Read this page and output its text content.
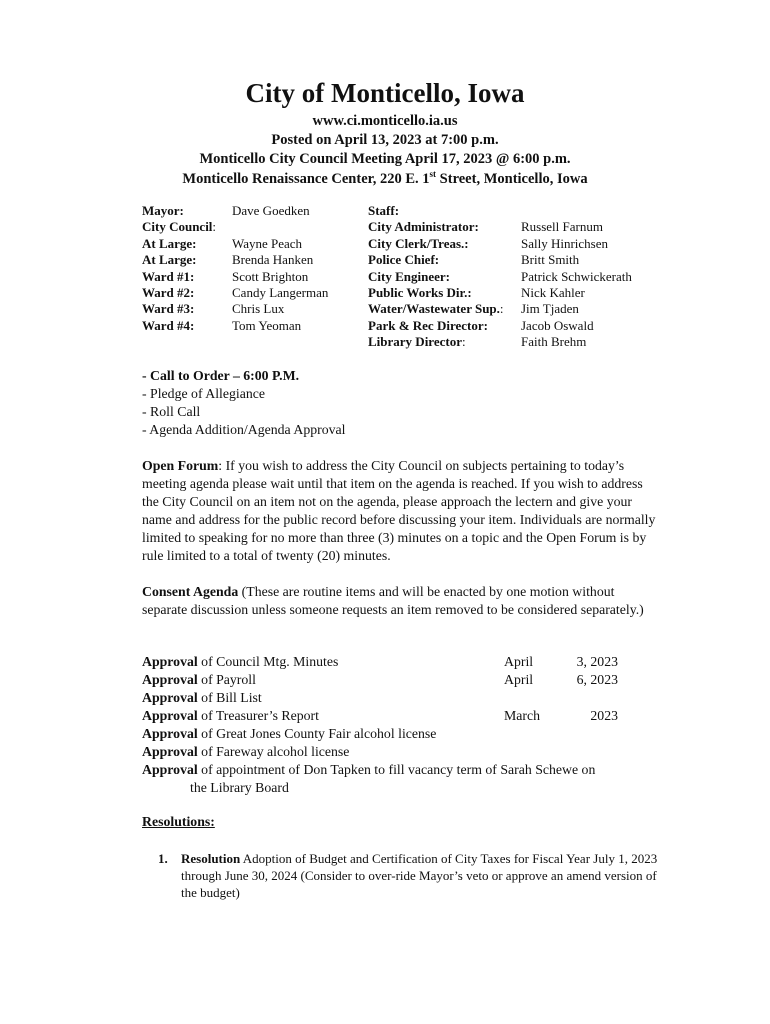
City of Monticello, Iowa
www.ci.monticello.ia.us
Posted on April 13, 2023 at 7:00 p.m.
Monticello City Council Meeting April 17, 2023 @ 6:00 p.m.
Monticello Renaissance Center, 220 E. 1st Street, Monticello, Iowa
Mayor:	Dave Goedken
City Council:
At Large:	Wayne Peach
At Large:	Brenda Hanken
Ward #1:	Scott Brighton
Ward #2:	Candy Langerman
Ward #3:	Chris Lux
Ward #4:	Tom Yeoman
Staff:
City Administrator:	Russell Farnum
City Clerk/Treas.:	Sally Hinrichsen
Police Chief:	Britt Smith
City Engineer:	Patrick Schwickerath
Public Works Dir.:	Nick Kahler
Water/Wastewater Sup.: Jim Tjaden
Park & Rec Director:	Jacob Oswald
Library Director:	Faith Brehm

- Call to Order – 6:00 P.M.

- Pledge of Allegiance

- Roll Call

- Agenda Addition/Agenda Approval

Open Forum: If you wish to address the City Council on subjects pertaining to today’s meeting agenda please wait until that item on the agenda is reached. If you wish to address the City Council on an item not on the agenda, please approach the lectern and give your name and address for the public record before discussing your item. Individuals are normally limited to speaking for no more than three (3) minutes on a topic and the Open Forum is by rule limited to a total of twenty (20) minutes.

Consent Agenda (These are routine items and will be enacted by one motion without separate discussion unless someone requests an item removed to be considered separately.)

Approval of Council Mtg. Minutes	April	3, 2023
Approval of Payroll	April	6, 2023
Approval of Bill List
Approval of Treasurer’s Report	March	2023
Approval of Great Jones County Fair alcohol license
Approval of Fareway alcohol license
Approval of appointment of Don Tapken to fill vacancy term of Sarah Schewe on
the Library Board
Resolutions:
1. Resolution Adoption of Budget and Certification of City Taxes for Fiscal Year July 1, 2023 through June 30, 2024 (Consider to over-ride Mayor’s veto or approve an amend version of the budget)
